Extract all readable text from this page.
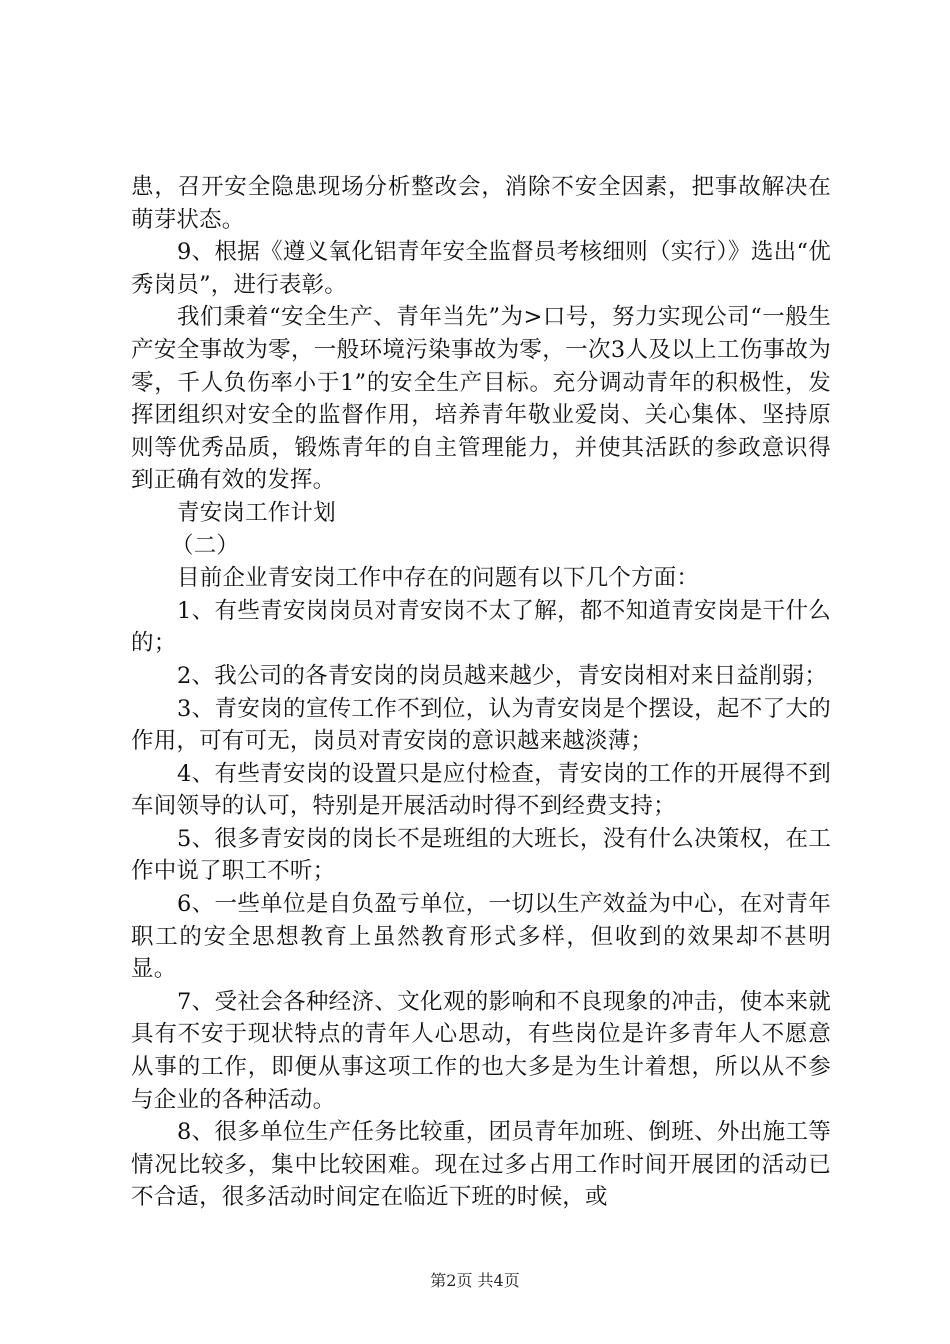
患，召开安全隐患现场分析整改会，消除不安全因素，把事故解决在萌芽状态。

9、根据《遵义氧化铝青年安全监督员考核细则（实行）》选出“优秀岗员”，进行表彰。

我们秉着“安全生产、青年当先”为>口号，努力实现公司“一般生产安全事故为零，一般环境污染事故为零，一次3人及以上工伤事故为零，千人负伤率小于1”的安全生产目标。充分调动青年的积极性，发挥团组织对安全的监督作用，培养青年敬业爱岗、关心集体、坚持原则等优秀品质，锻炼青年的自主管理能力，并使其活跃的参政意识得到正确有效的发挥。

青安岗工作计划

（二）

目前企业青安岗工作中存在的问题有以下几个方面：

1、有些青安岗岗员对青安岗不太了解，都不知道青安岗是干什么的；

2、我公司的各青安岗的岗员越来越少，青安岗相对来日益削弱；

3、青安岗的宣传工作不到位，认为青安岗是个摆设，起不了大的作用，可有可无，岗员对青安岗的意识越来越淡薄；

4、有些青安岗的设置只是应付检查，青安岗的工作的开展得不到车间领导的认可，特别是开展活动时得不到经费支持；

5、很多青安岗的岗长不是班组的大班长，没有什么决策权，在工作中说了职工不听；

6、一些单位是自负盈亏单位，一切以生产效益为中心，在对青年职工的安全思想教育上虽然教育形式多样，但收到的效果却不甚明显。

7、受社会各种经济、文化观的影响和不良现象的冲击，使本来就具有不安于现状特点的青年人心思动，有些岗位是许多青年人不愿意从事的工作，即便从事这项工作的也大多是为生计着想，所以从不参与企业的各种活动。

8、很多单位生产任务比较重，团员青年加班、倒班、外出施工等情况比较多，集中比较困难。现在过多占用工作时间开展团的活动已不合适，很多活动时间定在临近下班的时候，或

第2页 共4页
